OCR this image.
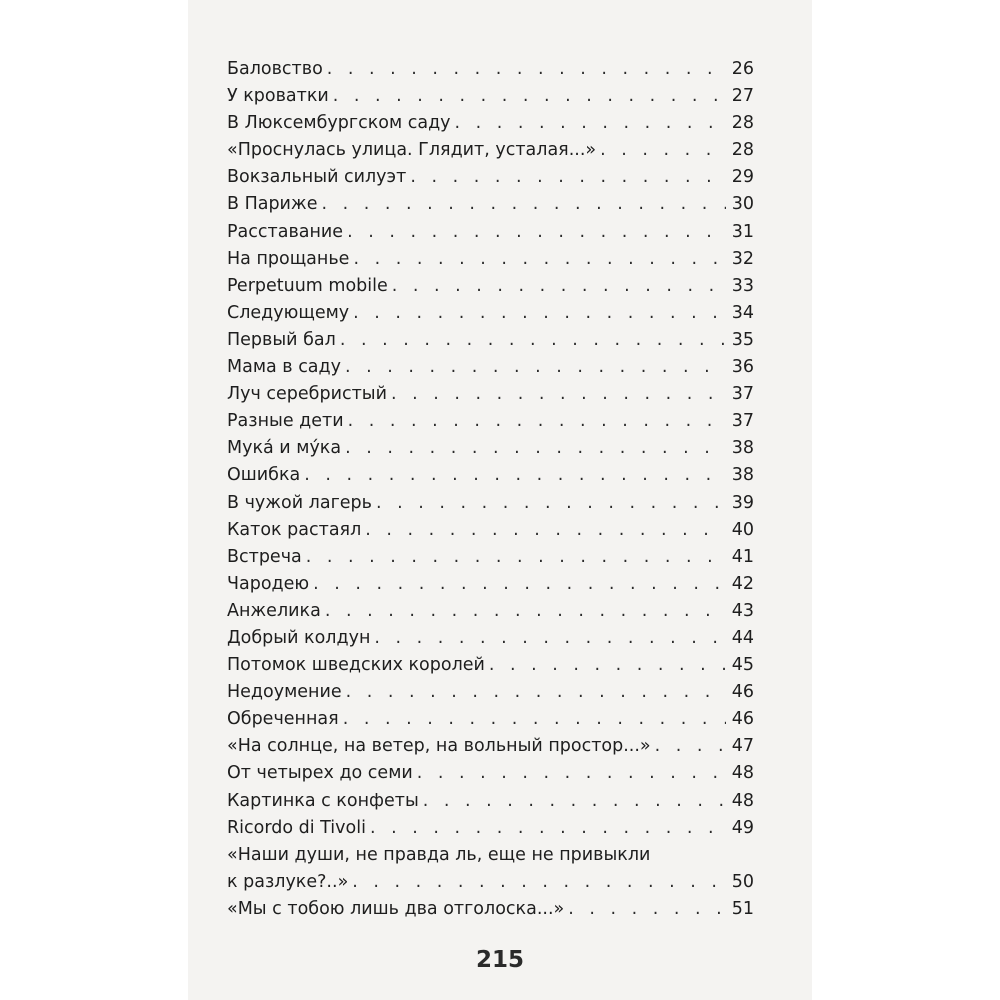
Баловство . . .	26
У кроватки . . .	27
В Люксембургском саду . . .	28
«Проснулась улица. Глядит, усталая...» . . .	28
Вокзальный силуэт . . .	29
В Париже . . .	30
Расставание . . .	31
На прощанье . . .	32
Perpetuum mobile . . .	33
Следующему . . .	34
Первый бал . . .	35
Мама в саду . . .	36
Луч серебристый . . .	37
Разные дети . . .	37
Мука́ и му́ка . . .	38
Ошибка . . .	38
В чужой лагерь . . .	39
Каток растаял . . .	40
Встреча . . .	41
Чародею . . .	42
Анжелика . . .	43
Добрый колдун . . .	44
Потомок шведских королей . . .	45
Недоумение . . .	46
Обреченная . . .	46
«На солнце, на ветер, на вольный простор...» . . .	47
От четырех до семи . . .	48
Картинка с конфеты . . .	48
Ricordo di Tivoli . . .	49
«Наши души, не правда ль, еще не привыкли
к разлуке?..» . . .	50
«Мы с тобою лишь два отголоска...» . . .	51
215
